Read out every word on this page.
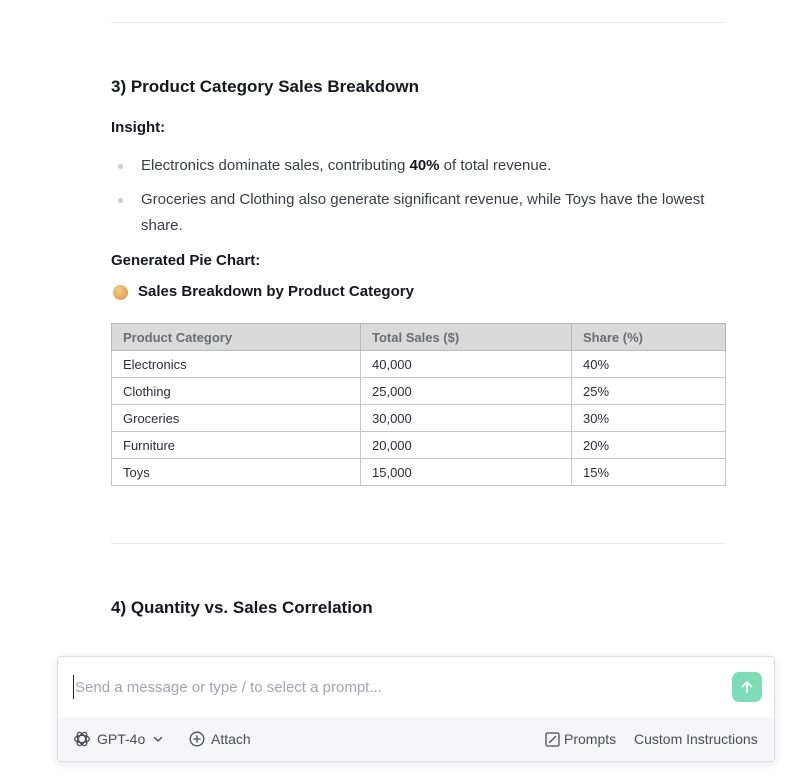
3) Product Category Sales Breakdown
Insight:
Electronics dominate sales, contributing 40% of total revenue.
Groceries and Clothing also generate significant revenue, while Toys have the lowest share.
Generated Pie Chart:
Sales Breakdown by Product Category
Product Category	Total Sales ($)	Share (%)
Electronics	40,000	40%
Clothing	25,000	25%
Groceries	30,000	30%
Furniture	20,000	20%
Toys	15,000	15%
4) Quantity vs. Sales Correlation
Send a message or type / to select a prompt...
GPT-4o	Attach	Prompts Custom Instructions
